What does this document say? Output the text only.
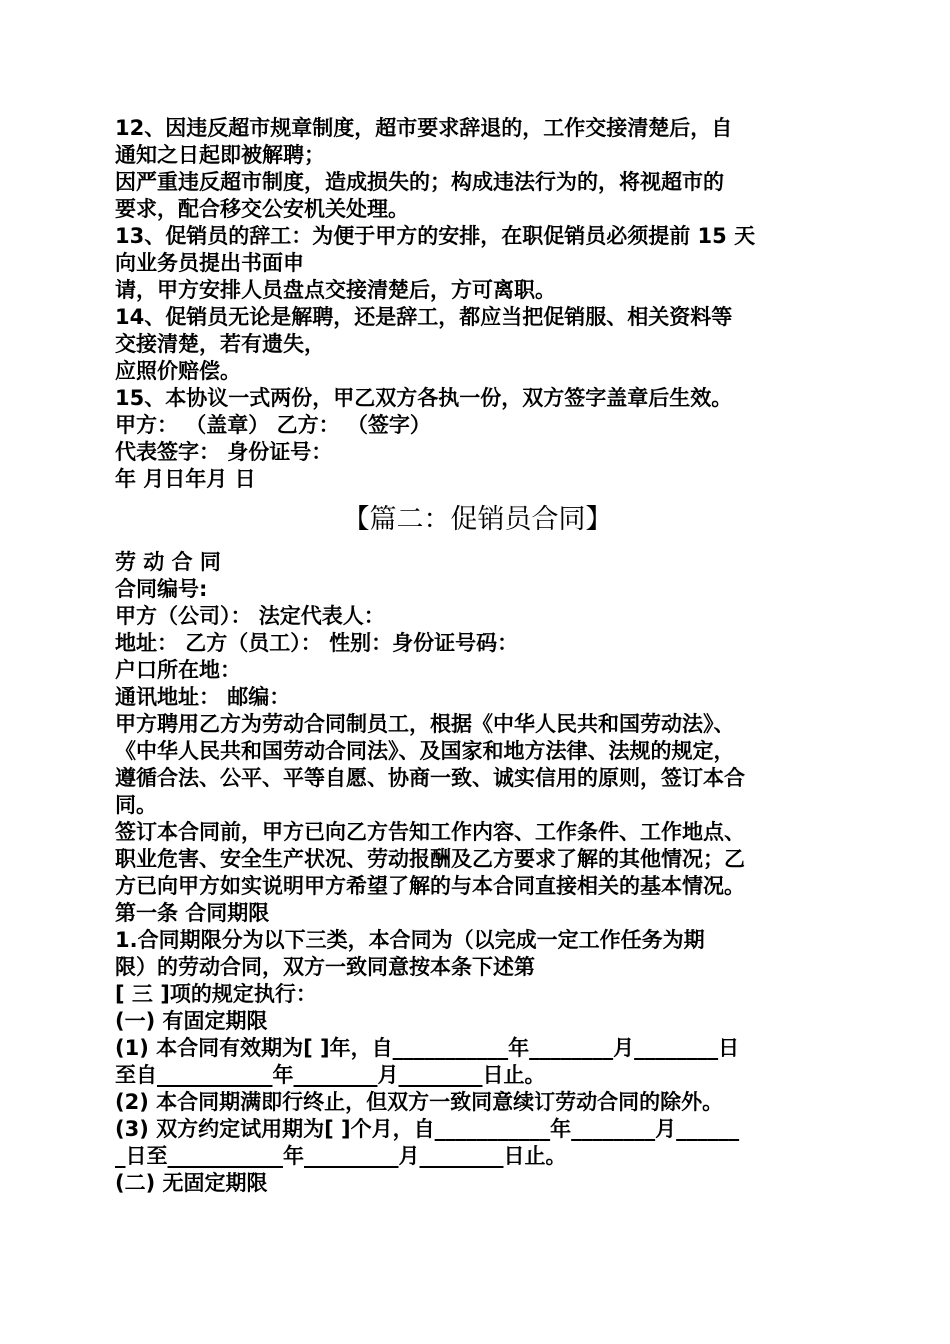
12、因违反超市规章制度，超市要求辞退的，工作交接清楚后，自
通知之日起即被解聘；
因严重违反超市制度，造成损失的；构成违法行为的，将视超市的
要求，配合移交公安机关处理。
13、促销员的辞工：为便于甲方的安排，在职促销员必须提前 15 天
向业务员提出书面申
请，甲方安排人员盘点交接清楚后，方可离职。
14、促销员无论是解聘，还是辞工，都应当把促销服、相关资料等
交接清楚，若有遗失，
应照价赔偿。
15、本协议一式两份，甲乙双方各执一份，双方签字盖章后生效。
甲方： （盖章） 乙方： （签字）
代表签字： 身份证号：
年 月日年月 日
【篇二：促销员合同】
劳 动 合 同
合同编号:
甲方（公司）： 法定代表人：
地址： 乙方（员工）： 性别：身份证号码：
户口所在地：
通讯地址： 邮编：
甲方聘用乙方为劳动合同制员工，根据《中华人民共和国劳动法》、
《中华人民共和国劳动合同法》、及国家和地方法律、法规的规定，
遵循合法、公平、平等自愿、协商一致、诚实信用的原则，签订本合
同。
签订本合同前，甲方已向乙方告知工作内容、工作条件、工作地点、
职业危害、安全生产状况、劳动报酬及乙方要求了解的其他情况；乙
方已向甲方如实说明甲方希望了解的与本合同直接相关的基本情况。
第一条 合同期限
1.合同期限分为以下三类，本合同为（以完成一定工作任务为期
限）的劳动合同，双方一致同意按本条下述第
[ 三 ]项的规定执行：
(一) 有固定期限
(1) 本合同有效期为[ ]年，自___________年________月________日
至自___________年________月________日止。
(2) 本合同期满即行终止，但双方一致同意续订劳动合同的除外。
(3) 双方约定试用期为[ ]个月，自___________年________月______
_日至___________年_________月________日止。
(二) 无固定期限
